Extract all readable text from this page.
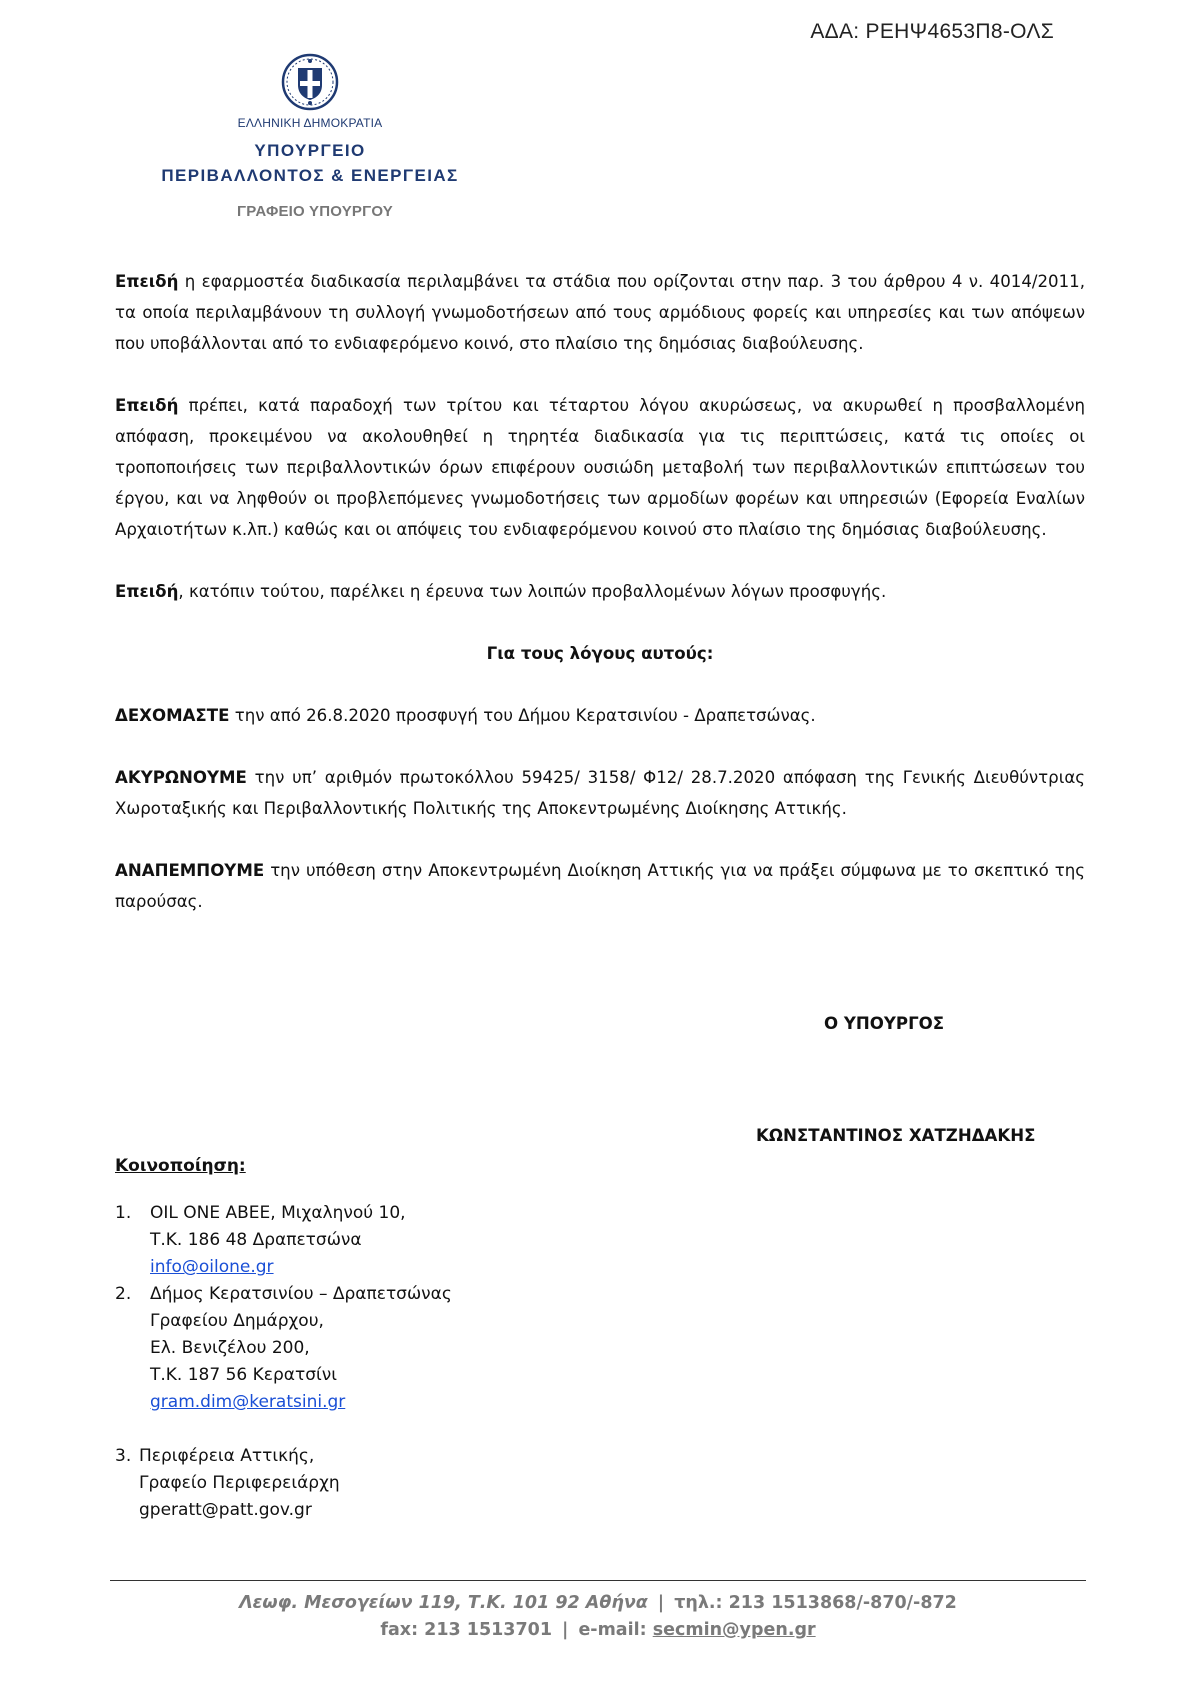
ΑΔΑ: ΡΕΗΨ4653Π8-ΟΛΣ
ΕΛΛΗΝΙΚΗ ΔΗΜΟΚΡΑΤΙΑ
ΥΠΟΥΡΓΕΙΟ
ΠΕΡΙΒΑΛΛΟΝΤΟΣ & ΕΝΕΡΓΕΙΑΣ
ΓΡΑΦΕΙΟ ΥΠΟΥΡΓΟΥ

Επειδή η εφαρμοστέα διαδικασία περιλαμβάνει τα στάδια που ορίζονται στην παρ. 3 του άρθρου 4 ν. 4014/2011, τα οποία περιλαμβάνουν τη συλλογή γνωμοδοτήσεων από τους αρμόδιους φορείς και υπηρεσίες και των απόψεων που υποβάλλονται από το ενδιαφερόμενο κοινό, στο πλαίσιο της δημόσιας διαβούλευσης.

Επειδή πρέπει, κατά παραδοχή των τρίτου και τέταρτου λόγου ακυρώσεως, να ακυρωθεί η προσβαλλομένη απόφαση, προκειμένου να ακολουθηθεί η τηρητέα διαδικασία για τις περιπτώσεις, κατά τις οποίες οι τροποποιήσεις των περιβαλλοντικών όρων επιφέρουν ουσιώδη μεταβολή των περιβαλλοντικών επιπτώσεων του έργου, και να ληφθούν οι προβλεπόμενες γνωμοδοτήσεις των αρμοδίων φορέων και υπηρεσιών (Εφορεία Εναλίων Αρχαιοτήτων κ.λπ.) καθώς και οι απόψεις του ενδιαφερόμενου κοινού στο πλαίσιο της δημόσιας διαβούλευσης.

Επειδή, κατόπιν τούτου, παρέλκει η έρευνα των λοιπών προβαλλομένων λόγων προσφυγής.

Για τους λόγους αυτούς:

ΔΕΧΟΜΑΣΤΕ την από 26.8.2020 προσφυγή του Δήμου Κερατσινίου - Δραπετσώνας.

ΑΚΥΡΩΝΟΥΜΕ την υπ’ αριθμόν πρωτοκόλλου 59425/ 3158/ Φ12/ 28.7.2020 απόφαση της Γενικής Διευθύντριας Χωροταξικής και Περιβαλλοντικής Πολιτικής της Αποκεντρωμένης Διοίκησης Αττικής.

ΑΝΑΠΕΜΠΟΥΜΕ την υπόθεση στην Αποκεντρωμένη Διοίκηση Αττικής για να πράξει σύμφωνα με το σκεπτικό της παρούσας.

Ο ΥΠΟΥΡΓΟΣ
ΚΩΝΣΤΑΝΤΙΝΟΣ ΧΑΤΖΗΔΑΚΗΣ
Κοινοποίηση:
1.	OIL ONE ABEE, Μιχαληνού 10,
Τ.Κ. 186 48 Δραπετσώνα
info@oilone.gr
2.	Δήμος Κερατσινίου – Δραπετσώνας
Γραφείου Δημάρχου,
Ελ. Βενιζέλου 200,
Τ.Κ. 187 56 Κερατσίνι
gram.dim@keratsini.gr
3. Περιφέρεια Αττικής,
Γραφείο Περιφερειάρχη
gperatt@patt.gov.gr
Λεωφ. Μεσογείων 119, Τ.Κ. 101 92 Αθήνα | τηλ.: 213 1513868/-870/-872
fax: 213 1513701 | e-mail: secmin@ypen.gr
